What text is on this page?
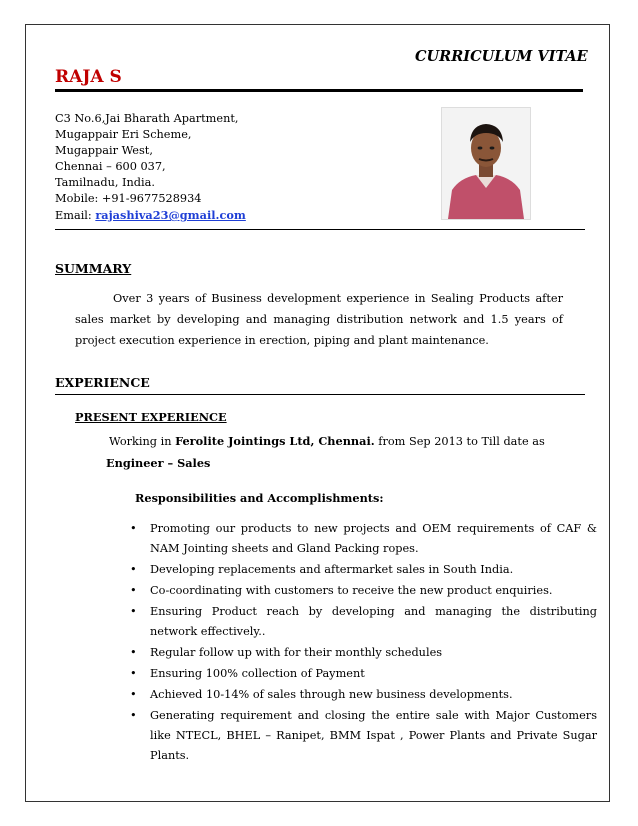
CURRICULUM VITAE
RAJA S
C3 No.6,Jai Bharath Apartment,
Mugappair Eri Scheme,
Mugappair West,
Chennai – 600 037,
Tamilnadu, India.
Mobile: +91-9677528934
Email: rajashiva23@gmail.com
SUMMARY
Over 3 years of Business development experience in Sealing Products after sales market by developing and managing distribution network and 1.5 years of project execution experience in erection, piping and plant maintenance.
EXPERIENCE
PRESENT EXPERIENCE
Working in Ferolite Jointings Ltd, Chennai. from Sep 2013 to Till date as
Engineer – Sales
Responsibilities and Accomplishments:
• Promoting our products to new projects and OEM requirements of CAF & NAM Jointing sheets and Gland Packing ropes.
• Developing replacements and aftermarket sales in South India.
• Co-coordinating with customers to receive the new product enquiries.
• Ensuring Product reach by developing and managing the distributing network effectively..
• Regular follow up with for their monthly schedules
• Ensuring 100% collection of Payment
• Achieved 10-14% of sales through new business developments.
• Generating requirement and closing the entire sale with Major Customers like NTECL, BHEL – Ranipet, BMM Ispat , Power Plants and Private Sugar Plants.
